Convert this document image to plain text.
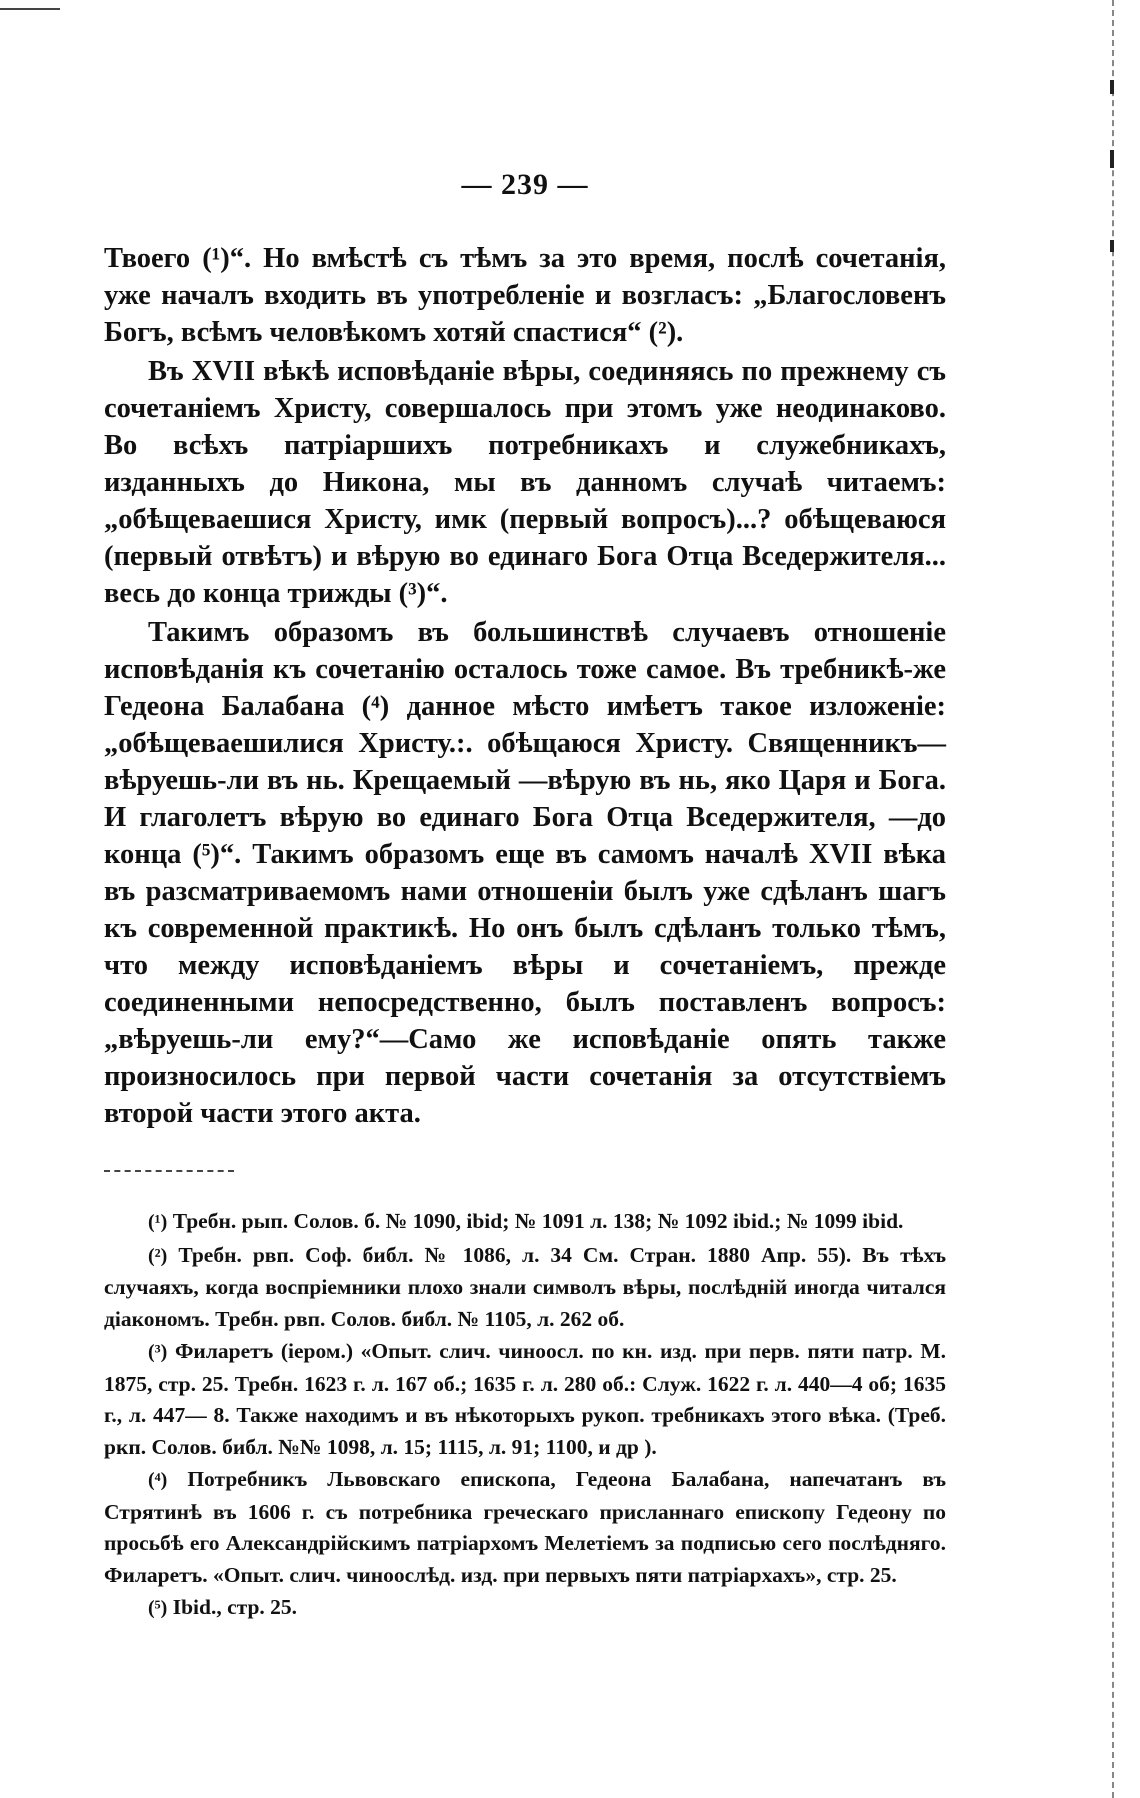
— 239 —

Твоего (¹)“. Но вмѣстѣ съ тѣмъ за это время, послѣ сочетанія, уже началъ входить въ употребленіе и возгласъ: „Благословенъ Богъ, всѣмъ человѣкомъ хотяй спастися“ (²).

Въ XVII вѣкѣ исповѣданіе вѣры, соединяясь по прежнему съ сочетаніемъ Христу, совершалось при этомъ уже неодинаково. Во всѣхъ патріаршихъ потребникахъ и служебникахъ, изданныхъ до Никона, мы въ данномъ случаѣ читаемъ: „обѣщеваешися Христу, имк (первый вопросъ)...? обѣщеваюся (первый отвѣтъ) и вѣрую во единаго Бога Отца Вседержителя... весь до конца трижды (³)“.

Такимъ образомъ въ большинствѣ случаевъ отношеніе исповѣданія къ сочетанію осталось тоже самое. Въ требникѣ-же Гедеона Балабана (⁴) данное мѣсто имѣетъ такое изложеніе: „обѣщеваешилися Христу.:. обѣщаюся Христу. Священникъ—вѣруешь-ли въ нь. Крещаемый —вѣрую въ нь, яко Царя и Бога. И глаголетъ вѣрую во единаго Бога Отца Вседержителя, —до конца (⁵)“. Такимъ образомъ еще въ самомъ началѣ XVII вѣка въ разсматриваемомъ нами отношеніи былъ уже сдѣланъ шагъ къ современной практикѣ. Но онъ былъ сдѣланъ только тѣмъ, что между исповѣданіемъ вѣры и сочетаніемъ, прежде соединенными непосредственно, былъ поставленъ вопросъ: „вѣруешь-ли ему?“—Само же исповѣданіе опять также произносилось при первой части сочетанія за отсутствіемъ второй части этого акта.

(¹) Требн. рып. Солов. б. № 1090, ibid; № 1091 л. 138; № 1092 ibid.; № 1099 ibid.

(²) Требн. рвп. Соф. библ. № 1086, л. 34 См. Стран. 1880 Апр. 55). Въ тѣхъ случаяхъ, когда воспріемники плохо знали символъ вѣры, послѣдній иногда читался діакономъ. Требн. рвп. Солов. библ. № 1105, л. 262 об.

(³) Филаретъ (іером.) «Опыт. слич. чиноосл. по кн. изд. при перв. пяти патр. М. 1875, стр. 25. Требн. 1623 г. л. 167 об.; 1635 г. л. 280 об.: Служ. 1622 г. л. 440—4 об; 1635 г., л. 447— 8. Также находимъ и въ нѣкоторыхъ рукоп. требникахъ этого вѣка. (Треб. ркп. Солов. библ. №№ 1098, л. 15; 1115, л. 91; 1100, и др ).

(⁴) Потребникъ Львовскаго епископа, Гедеона Балабана, напечатанъ въ Стрятинѣ въ 1606 г. съ потребника греческаго присланнаго епископу Гедеону по просьбѣ его Александрійскимъ патріархомъ Мелетіемъ за подписью сего послѣдняго. Филаретъ. «Опыт. слич. чиноослѣд. изд. при первыхъ пяти патріархахъ», стр. 25.

(⁵) Ibid., стр. 25.
